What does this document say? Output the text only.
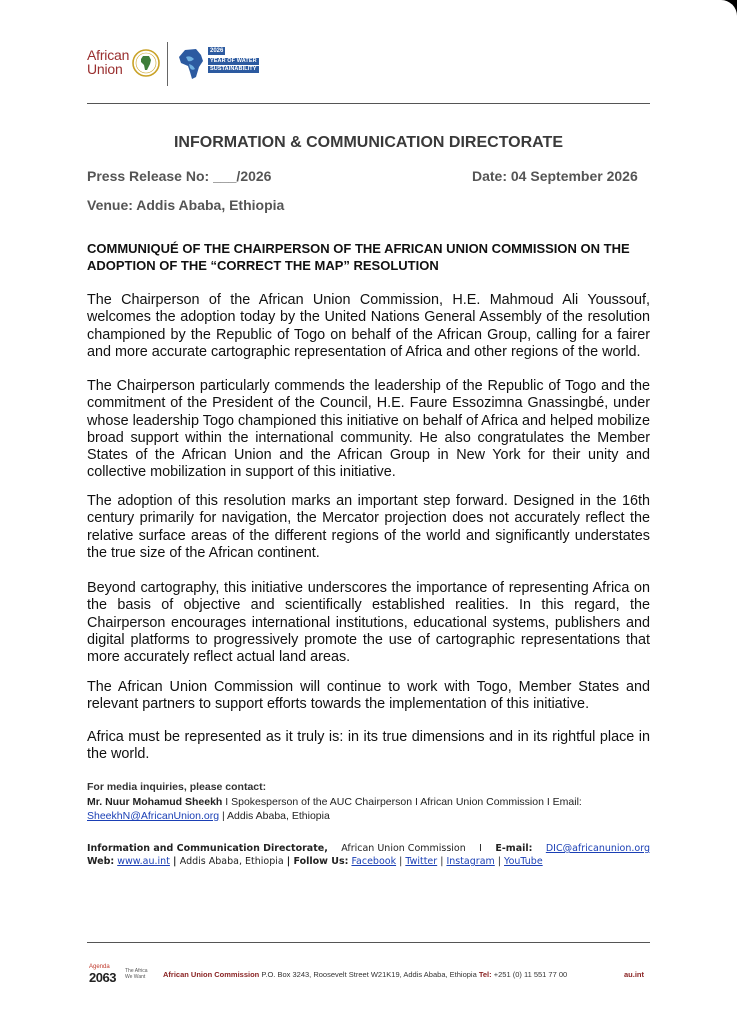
African
Union
2026
YEAR OF WATER
SUSTAINABILITY
INFORMATION & COMMUNICATION DIRECTORATE
Press Release No: ___/2026	Date: 04 September 2026
Venue: Addis Ababa, Ethiopia
COMMUNIQUÉ OF THE CHAIRPERSON OF THE AFRICAN UNION COMMISSION ON THE ADOPTION OF THE “CORRECT THE MAP” RESOLUTION

The Chairperson of the African Union Commission, H.E. Mahmoud Ali Youssouf, welcomes the adoption today by the United Nations General Assembly of the resolution championed by the Republic of Togo on behalf of the African Group, calling for a fairer and more accurate cartographic representation of Africa and other regions of the world.

The Chairperson particularly commends the leadership of the Republic of Togo and the commitment of the President of the Council, H.E. Faure Essozimna Gnassingbé, under whose leadership Togo championed this initiative on behalf of Africa and helped mobilize broad support within the international community. He also congratulates the Member States of the African Union and the African Group in New York for their unity and collective mobilization in support of this initiative.

The adoption of this resolution marks an important step forward. Designed in the 16th century primarily for navigation, the Mercator projection does not accurately reflect the relative surface areas of the different regions of the world and significantly understates the true size of the African continent.

Beyond cartography, this initiative underscores the importance of representing Africa on the basis of objective and scientifically established realities. In this regard, the Chairperson encourages international institutions, educational systems, publishers and digital platforms to progressively promote the use of cartographic representations that more accurately reflect actual land areas.

The African Union Commission will continue to work with Togo, Member States and relevant partners to support efforts towards the implementation of this initiative.

Africa must be represented as it truly is: in its true dimensions and in its rightful place in the world.

For media inquiries, please contact:
Mr. Nuur Mohamud Sheekh I Spokesperson of the AUC Chairperson I African Union Commission I Email:
SheekhN@AfricanUnion.org | Addis Ababa, Ethiopia
Information and Communication Directorate, African Union Commission I E-mail: DIC@africanunion.org
Web: www.au.int | Addis Ababa, Ethiopia | Follow Us: Facebook | Twitter | Instagram | YouTube
Agenda
2063 The Africa We Want	African Union Commission P.O. Box 3243, Roosevelt Street W21K19, Addis Ababa, Ethiopia Tel: +251 (0) 11 551 77 00	au.int
